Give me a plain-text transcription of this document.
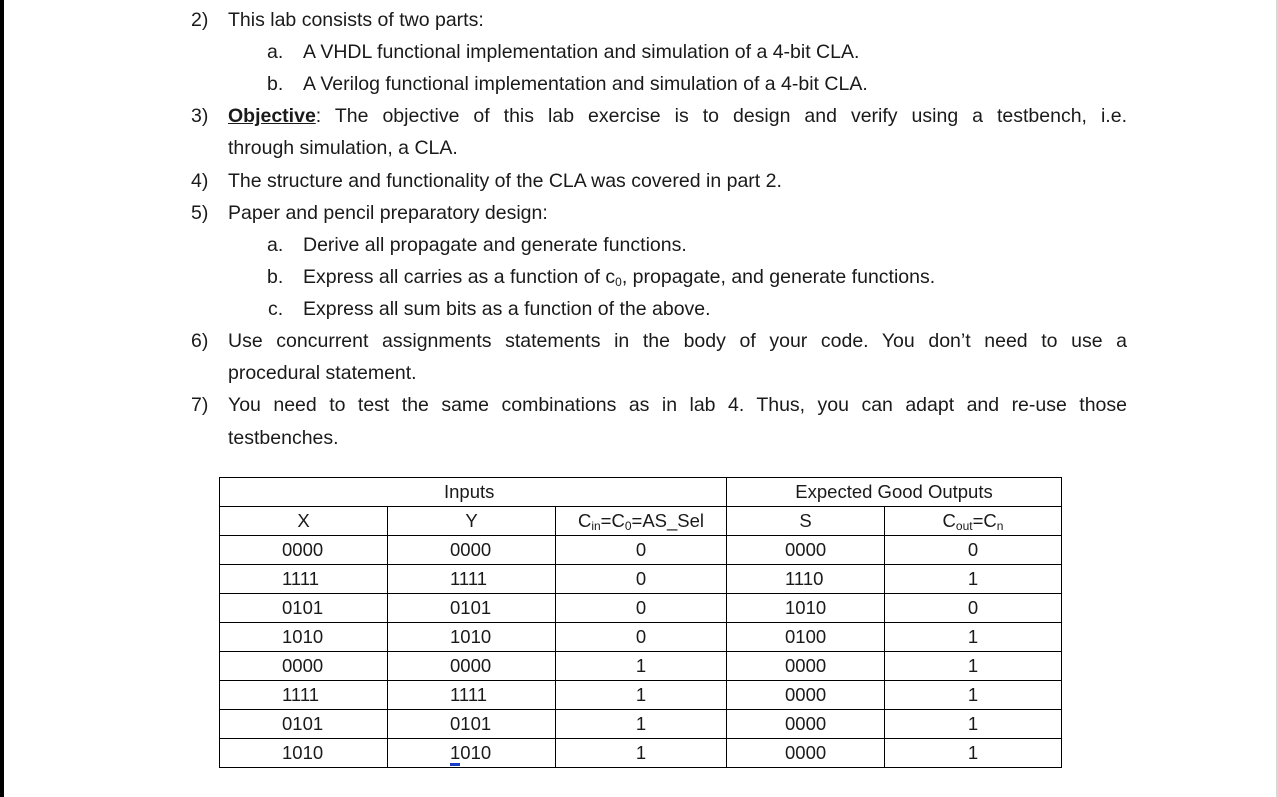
2) This lab consists of two parts:
a. A VHDL functional implementation and simulation of a 4-bit CLA.
b. A Verilog functional implementation and simulation of a 4-bit CLA.
3) Objective: The objective of this lab exercise is to design and verify using a testbench, i.e.
through simulation, a CLA.
4) The structure and functionality of the CLA was covered in part 2.
5) Paper and pencil preparatory design:
a. Derive all propagate and generate functions.
b. Express all carries as a function of $c_0$, propagate, and generate functions.
c. Express all sum bits as a function of the above.
6) Use concurrent assignments statements in the body of your code. You don’t need to use a
procedural statement.
7) You need to test the same combinations as in lab 4. Thus, you can adapt and re-use those
testbenches.
Inputs			Expected Good Outputs	
X	Y	$C_{in}=C_0=AS\_Sel$	S	$C_{out}=C_n$
0000	0000	0	0000	0
1111	1111	0	1110	1
0101	0101	0	1010	0
1010	1010	0	0100	1
0000	0000	1	0000	1
1111	1111	1	0000	1
0101	0101	1	0000	1
1010	1010	1	0000	1
